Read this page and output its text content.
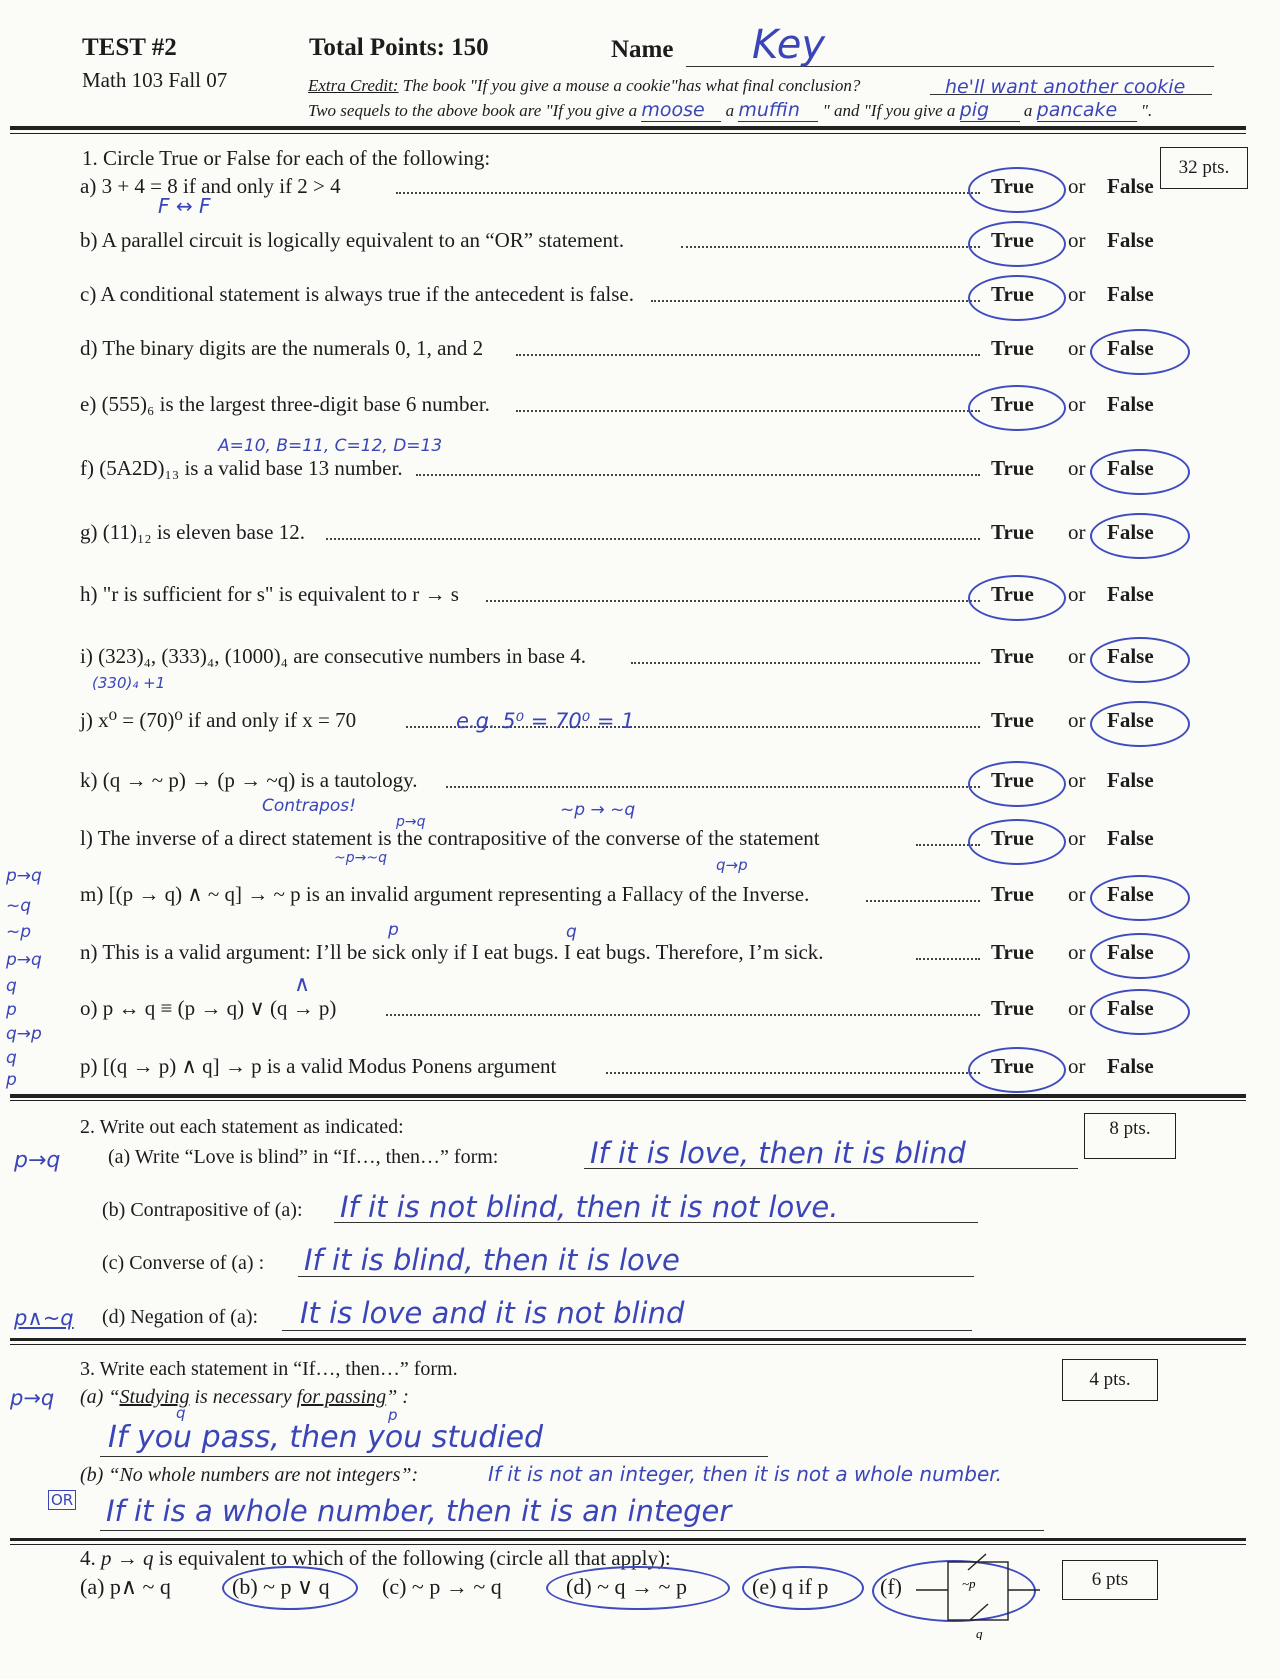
TEST #2
Math 103 Fall 07
Total Points: 150	Name Key
Extra Credit: The book "If you give a mouse a cookie"has what final conclusion?	he'll want another cookie
Two sequels to the above book are "If you give a moose a muffin " and "If you give a pig a pancake ".
1. Circle True or False for each of the following:	32 pts.
a) 3 + 4 = 8 if and only if 2 > 4	True or False
b) A parallel circuit is logically equivalent to an “OR” statement.	True or False
c) A conditional statement is always true if the antecedent is false.	True or False
d) The binary digits are the numerals 0, 1, and 2	True or False
e) (555)₆ is the largest three-digit base 6 number.	True or False
f) (5A2D)₁₃ is a valid base 13 number.	True or False
g) (11)₁₂ is eleven base 12.	True or False
h) "r is sufficient for s" is equivalent to r → s	True or False
i) (323)₄, (333)₄, (1000)₄ are consecutive numbers in base 4.	True or False
j) x⁰ = (70)⁰ if and only if x = 70	True or False
k) (q → ~ p) → (p → ~q) is a tautology.	True or False
l) The inverse of a direct statement is the contrapositive of the converse of the statement	True or False
m) [(p → q) ∧ ~ q] → ~ p is an invalid argument representing a Fallacy of the Inverse.	True or False
n) This is a valid argument: I’ll be sick only if I eat bugs. I eat bugs. Therefore, I’m sick.	True or False
o) p ↔ q ≡ (p → q) ∨ (q → p)	True or False
p) [(q → p) ∧ q] → p is a valid Modus Ponens argument	True or False
F ↔ F
A=10, B=11, C=12, D=13
(330)₄ +1
e.g. 5⁰ = 70⁰ = 1
Contrapos!	~p → ~q
p→q
~p→~q	q→p
p	q
∧
p→q
~q
~p
p→q
q
p
q→p
q
p
2. Write out each statement as indicated:	8 pts.
p→q (a) Write “Love is blind” in “If…, then…” form:	If it is love, then it is blind
(b) Contrapositive of (a): If it is not blind, then it is not love.
(c) Converse of (a) : If it is blind, then it is love
p∧~q (d) Negation of (a): It is love and it is not blind
3. Write each statement in “If…, then…” form.	4 pts.
p→q (a) “Studying is necessary for passing” :
q	p
If you pass, then you studied
(b) “No whole numbers are not integers”:	If it is not an integer, then it is not a whole number.
OR If it is a whole number, then it is an integer
4. p → q is equivalent to which of the following (circle all that apply):
6 pts
(a) p∧ ~ q	(b) ~ p ∨ q (c) ~ p → ~ q	(d) ~ q → ~ p	(e) q if p (f)	~p
q
